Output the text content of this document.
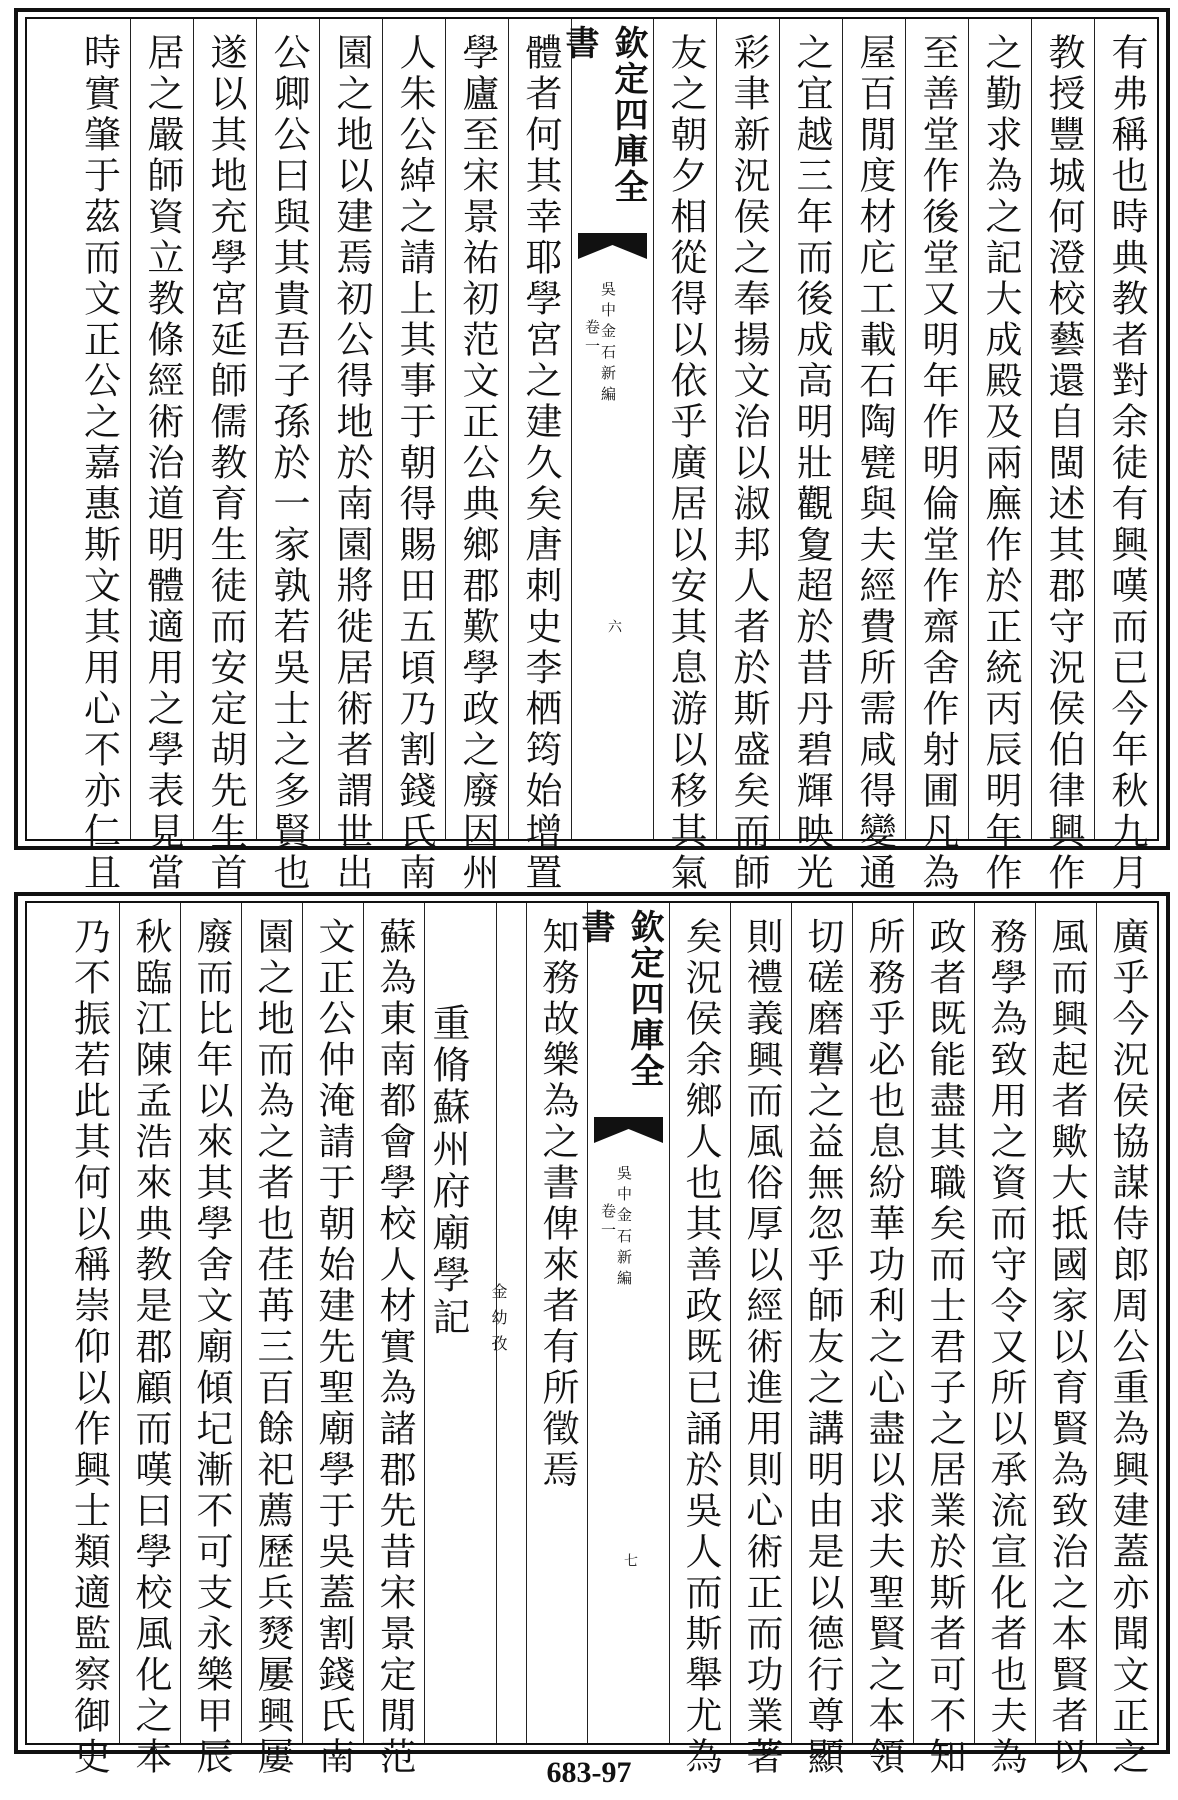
有弗稱也時典教者對余徒有興嘆而已今年秋九月
教授豐城何澄校藝還自閩述其郡守況侯伯律興作
之勤求為之記大成殿及兩廡作於正統丙辰明年作
至善堂作後堂又明年作明倫堂作齋舍作射圃凡為
屋百閒度材庀工載石陶甓與夫經費所需咸得變通
之宜越三年而後成高明壯觀夐超於昔丹碧輝映光
彩聿新況侯之奉揚文治以淑邦人者於斯盛矣而師
友之朝夕相從得以依乎廣居以安其息游以移其氣
欽定四庫全書
吳中金石新編
卷一
六
體者何其幸耶學宮之建久矣唐刺史李栖筠始增置
學廬至宋景祐初范文正公典鄉郡歎學政之廢因州
人朱公綽之請上其事于朝得賜田五頃乃割錢氏南
園之地以建焉初公得地於南園將徙居術者謂世出
公卿公曰與其貴吾子孫於一家孰若吳士之多賢也
遂以其地充學宮延師儒教育生徒而安定胡先生首
居之嚴師資立教條經術治道明體適用之學表見當
時實肇于茲而文正公之嘉惠斯文其用心不亦仁且
廣乎今況侯協謀侍郎周公重為興建蓋亦聞文正之
風而興起者歟大抵國家以育賢為致治之本賢者以
務學為致用之資而守令又所以承流宣化者也夫為
政者既能盡其職矣而士君子之居業於斯者可不知
所務乎必也息紛華功利之心盡以求夫聖賢之本領
切磋磨礱之益無忽乎師友之講明由是以德行尊顯
則禮義興而風俗厚以經術進用則心術正而功業著
矣況侯余鄉人也其善政既已誦於吳人而斯舉尤為
欽定四庫全書
吳中金石新編
卷一
七
知務故樂為之書俾來者有所徵焉
重脩蘇州府廟學記	金幼孜
蘇為東南都會學校人材實為諸郡先昔宋景定閒范
文正公仲淹請于朝始建先聖廟學于吳蓋割錢氏南
園之地而為之者也荏苒三百餘祀薦歷兵燹屢興屢
廢而比年以來其學舍文廟傾圮漸不可支永樂甲辰
秋臨江陳孟浩來典教是郡顧而嘆曰學校風化之本
乃不振若此其何以稱崇仰以作興士類適監察御史	683-97
